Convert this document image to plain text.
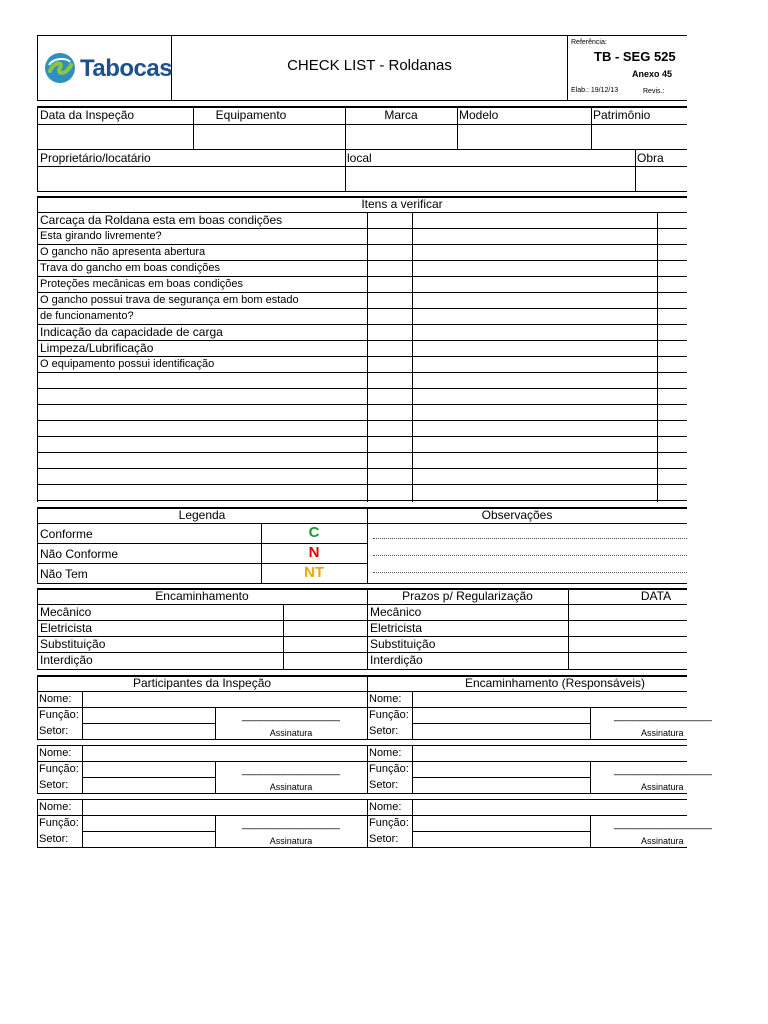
Tabocas	CHECK LIST - Roldanas
Referência:
TB - SEG 525
Anexo 45
Elab.: 19/12/13	Revis.:
Data da Inspeção	Equipamento	Marca	Modelo	Patrimônio
Proprietário/locatário	local	Obra
Itens a verificar
Carcaça da Roldana esta em boas condições
Esta girando livremente?
O gancho não apresenta abertura
Trava do gancho em boas condições
Proteções mecânicas em boas condições
O gancho possui trava de segurança em bom estado
de funcionamento?
Indicação da capacidade de carga
Limpeza/Lubrificação
O equipamento possui identificação
Legenda	Observações
Conforme	C
Não Conforme	N
Não Tem	NT
Encaminhamento	Prazos p/ Regularização	DATA
Mecânico
Eletricista
Substituição
Interdição
Mecânico
Eletricista
Substituição
Interdição
Participantes da Inspeção	Encaminhamento (Responsáveis)
Nome:	Nome:
Função:	Função:
Setor:	Setor:
________________
Assinatura
________________
Assinatura
Nome:	Nome:
Função:	Função:
Setor:	Setor:
________________
Assinatura
________________
Assinatura
Nome:	Nome:
Função:	Função:
Setor:	Setor:
________________
Assinatura
________________
Assinatura
